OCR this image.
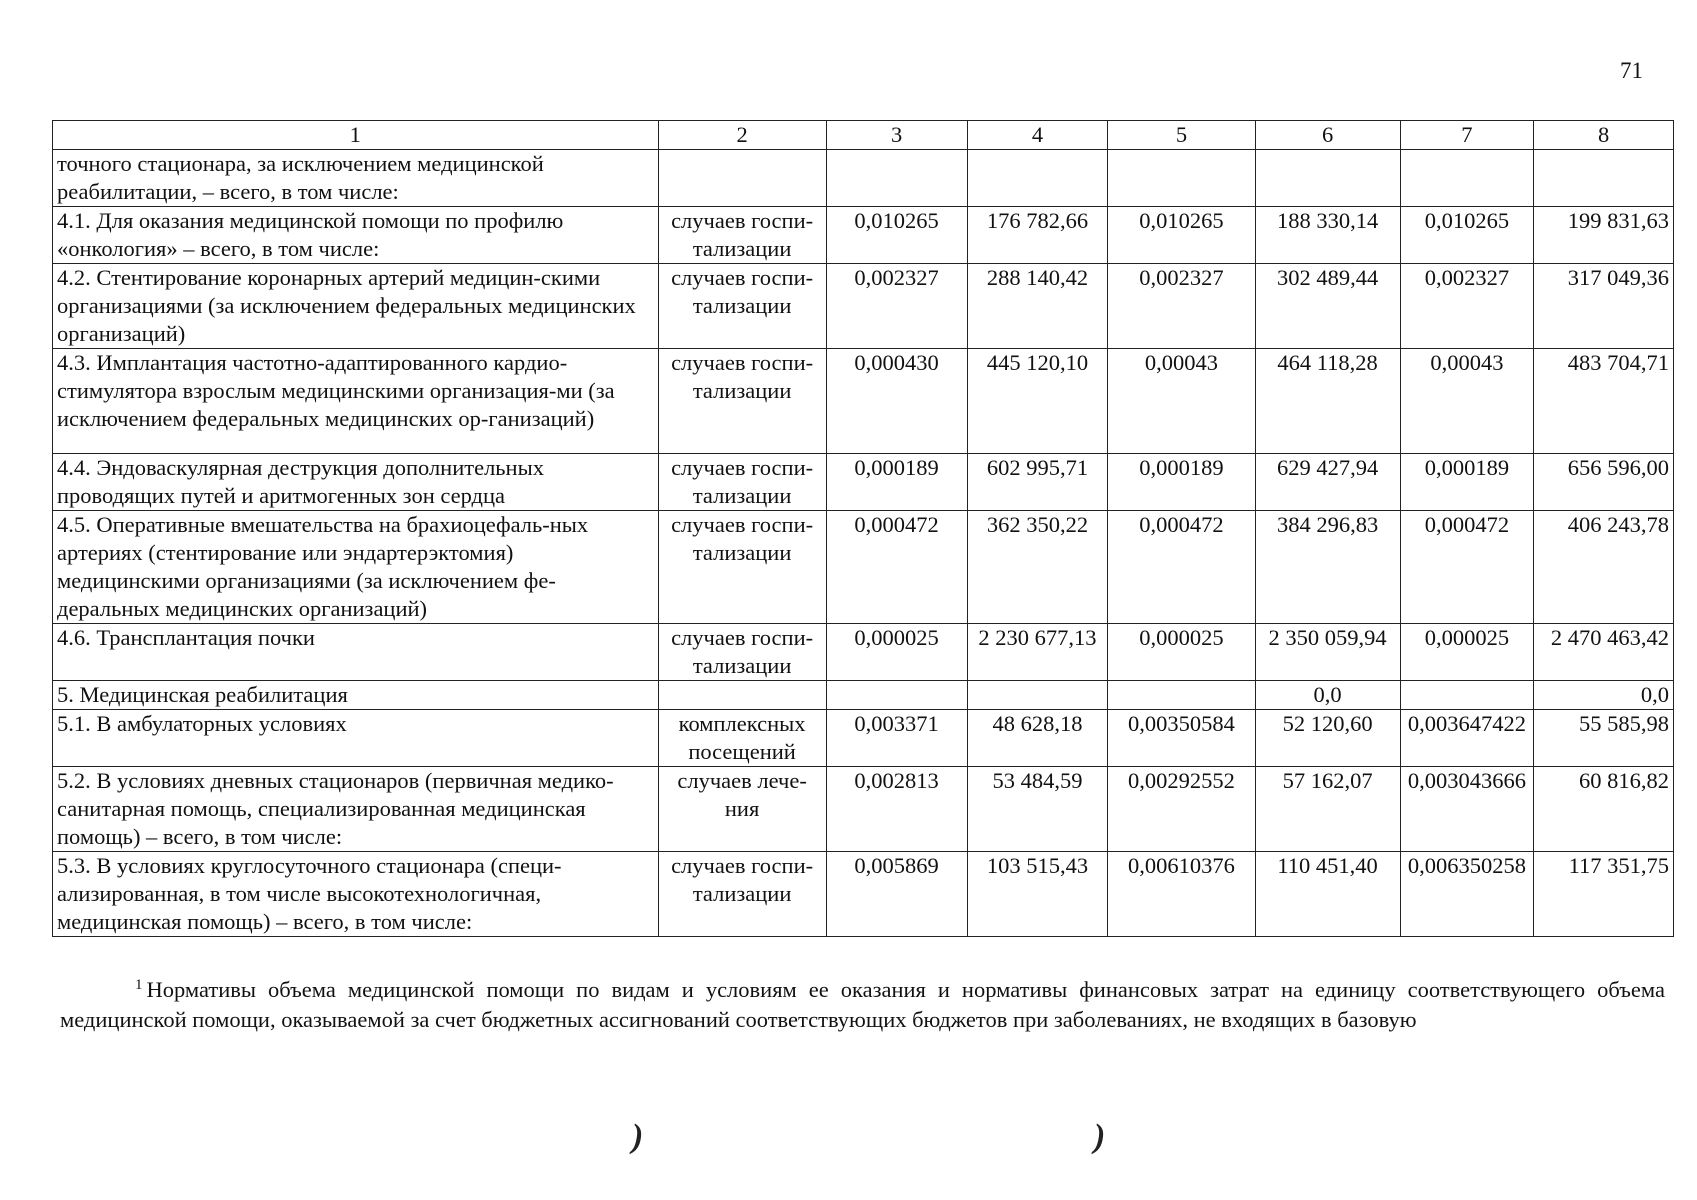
71
1	2	3	4	5	6	7	8
точного стационара, за исключением медицинской реабилитации, – всего, в том числе:							
4.1. Для оказания медицинской помощи по профилю «онкология» – всего, в том числе:	случаев госпи-тализации	0,010265	176 782,66	0,010265	188 330,14	0,010265	199 831,63
4.2. Стентирование коронарных артерий медицин-скими организациями (за исключением федеральных медицинских организаций)	случаев госпи-тализации	0,002327	288 140,42	0,002327	302 489,44	0,002327	317 049,36
4.3. Имплантация частотно-адаптированного кардио-стимулятора взрослым медицинскими организация-ми (за исключением федеральных медицинских ор-ганизаций)	случаев госпи-тализации	0,000430	445 120,10	0,00043	464 118,28	0,00043	483 704,71
4.4. Эндоваскулярная деструкция дополнительных проводящих путей и аритмогенных зон сердца	случаев госпи-тализации	0,000189	602 995,71	0,000189	629 427,94	0,000189	656 596,00
4.5. Оперативные вмешательства на брахиоцефаль-ных артериях (стентирование или эндартерэктомия) медицинскими организациями (за исключением фе-деральных медицинских организаций)	случаев госпи-тализации	0,000472	362 350,22	0,000472	384 296,83	0,000472	406 243,78
4.6. Трансплантация почки	случаев госпи-тализации	0,000025	2 230 677,13	0,000025	2 350 059,94	0,000025	2 470 463,42
5. Медицинская реабилитация					0,0		0,0
5.1. В амбулаторных условиях	комплексных посещений	0,003371	48 628,18	0,00350584	52 120,60	0,003647422	55 585,98
5.2. В условиях дневных стационаров (первичная медико-санитарная помощь, специализированная медицинская помощь) – всего, в том числе:	случаев лече-ния	0,002813	53 484,59	0,00292552	57 162,07	0,003043666	60 816,82
5.3. В условиях круглосуточного стационара (специ-ализированная, в том числе высокотехнологичная, медицинская помощь) – всего, в том числе:	случаев госпи-тализации	0,005869	103 515,43	0,00610376	110 451,40	0,006350258	117 351,75
$^1$ Нормативы объема медицинской помощи по видам и условиям ее оказания и нормативы финансовых затрат на единицу соответствующего объема медицинской помощи, оказываемой за счет бюджетных ассигнований соответствующих бюджетов при заболеваниях, не входящих в базовую
)	)
